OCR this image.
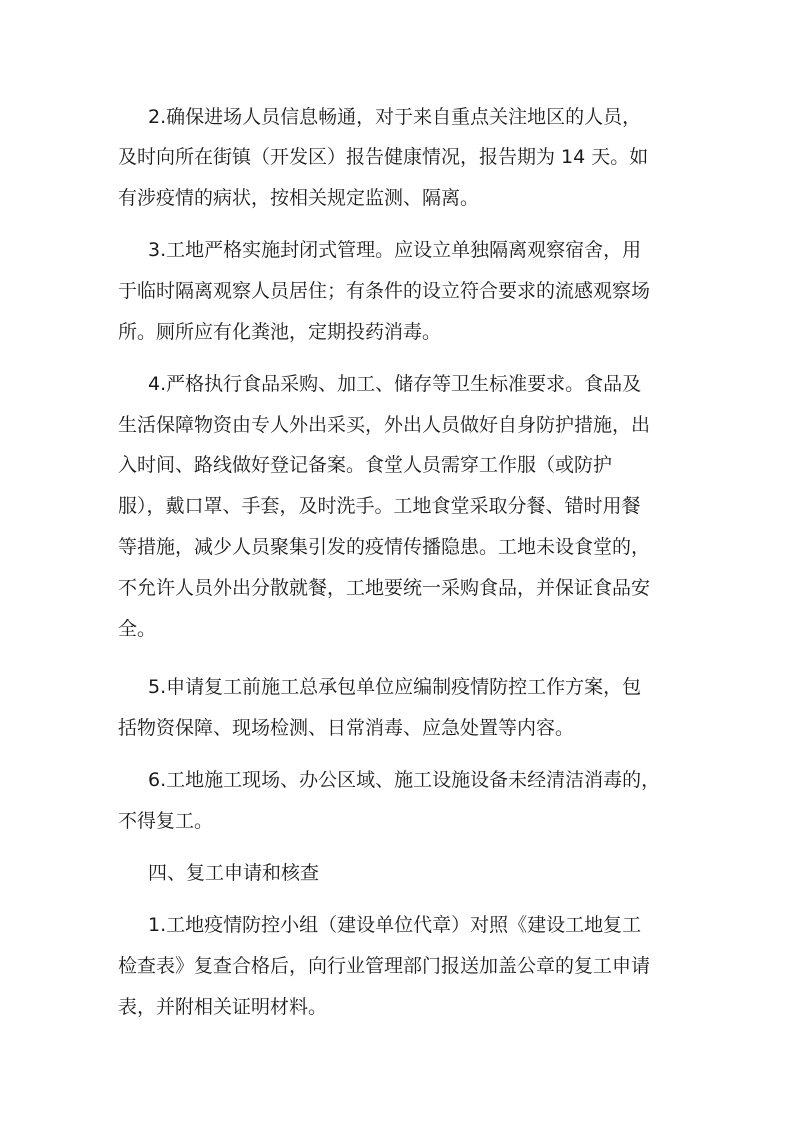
2.确保进场人员信息畅通，对于来自重点关注地区的人员，
及时向所在街镇（开发区）报告健康情况，报告期为 14 天。如
有涉疫情的病状，按相关规定监测、隔离。
3.工地严格实施封闭式管理。应设立单独隔离观察宿舍，用
于临时隔离观察人员居住；有条件的设立符合要求的流感观察场
所。厕所应有化粪池，定期投药消毒。
4.严格执行食品采购、加工、储存等卫生标准要求。食品及
生活保障物资由专人外出采买，外出人员做好自身防护措施，出
入时间、路线做好登记备案。食堂人员需穿工作服（或防护
服），戴口罩、手套，及时洗手。工地食堂采取分餐、错时用餐
等措施，减少人员聚集引发的疫情传播隐患。工地未设食堂的，
不允许人员外出分散就餐，工地要统一采购食品，并保证食品安
全。
5.申请复工前施工总承包单位应编制疫情防控工作方案，包
括物资保障、现场检测、日常消毒、应急处置等内容。
6.工地施工现场、办公区域、施工设施设备未经清洁消毒的，
不得复工。
四、复工申请和核查
1.工地疫情防控小组（建设单位代章）对照《建设工地复工
检查表》复查合格后，向行业管理部门报送加盖公章的复工申请
表，并附相关证明材料。
